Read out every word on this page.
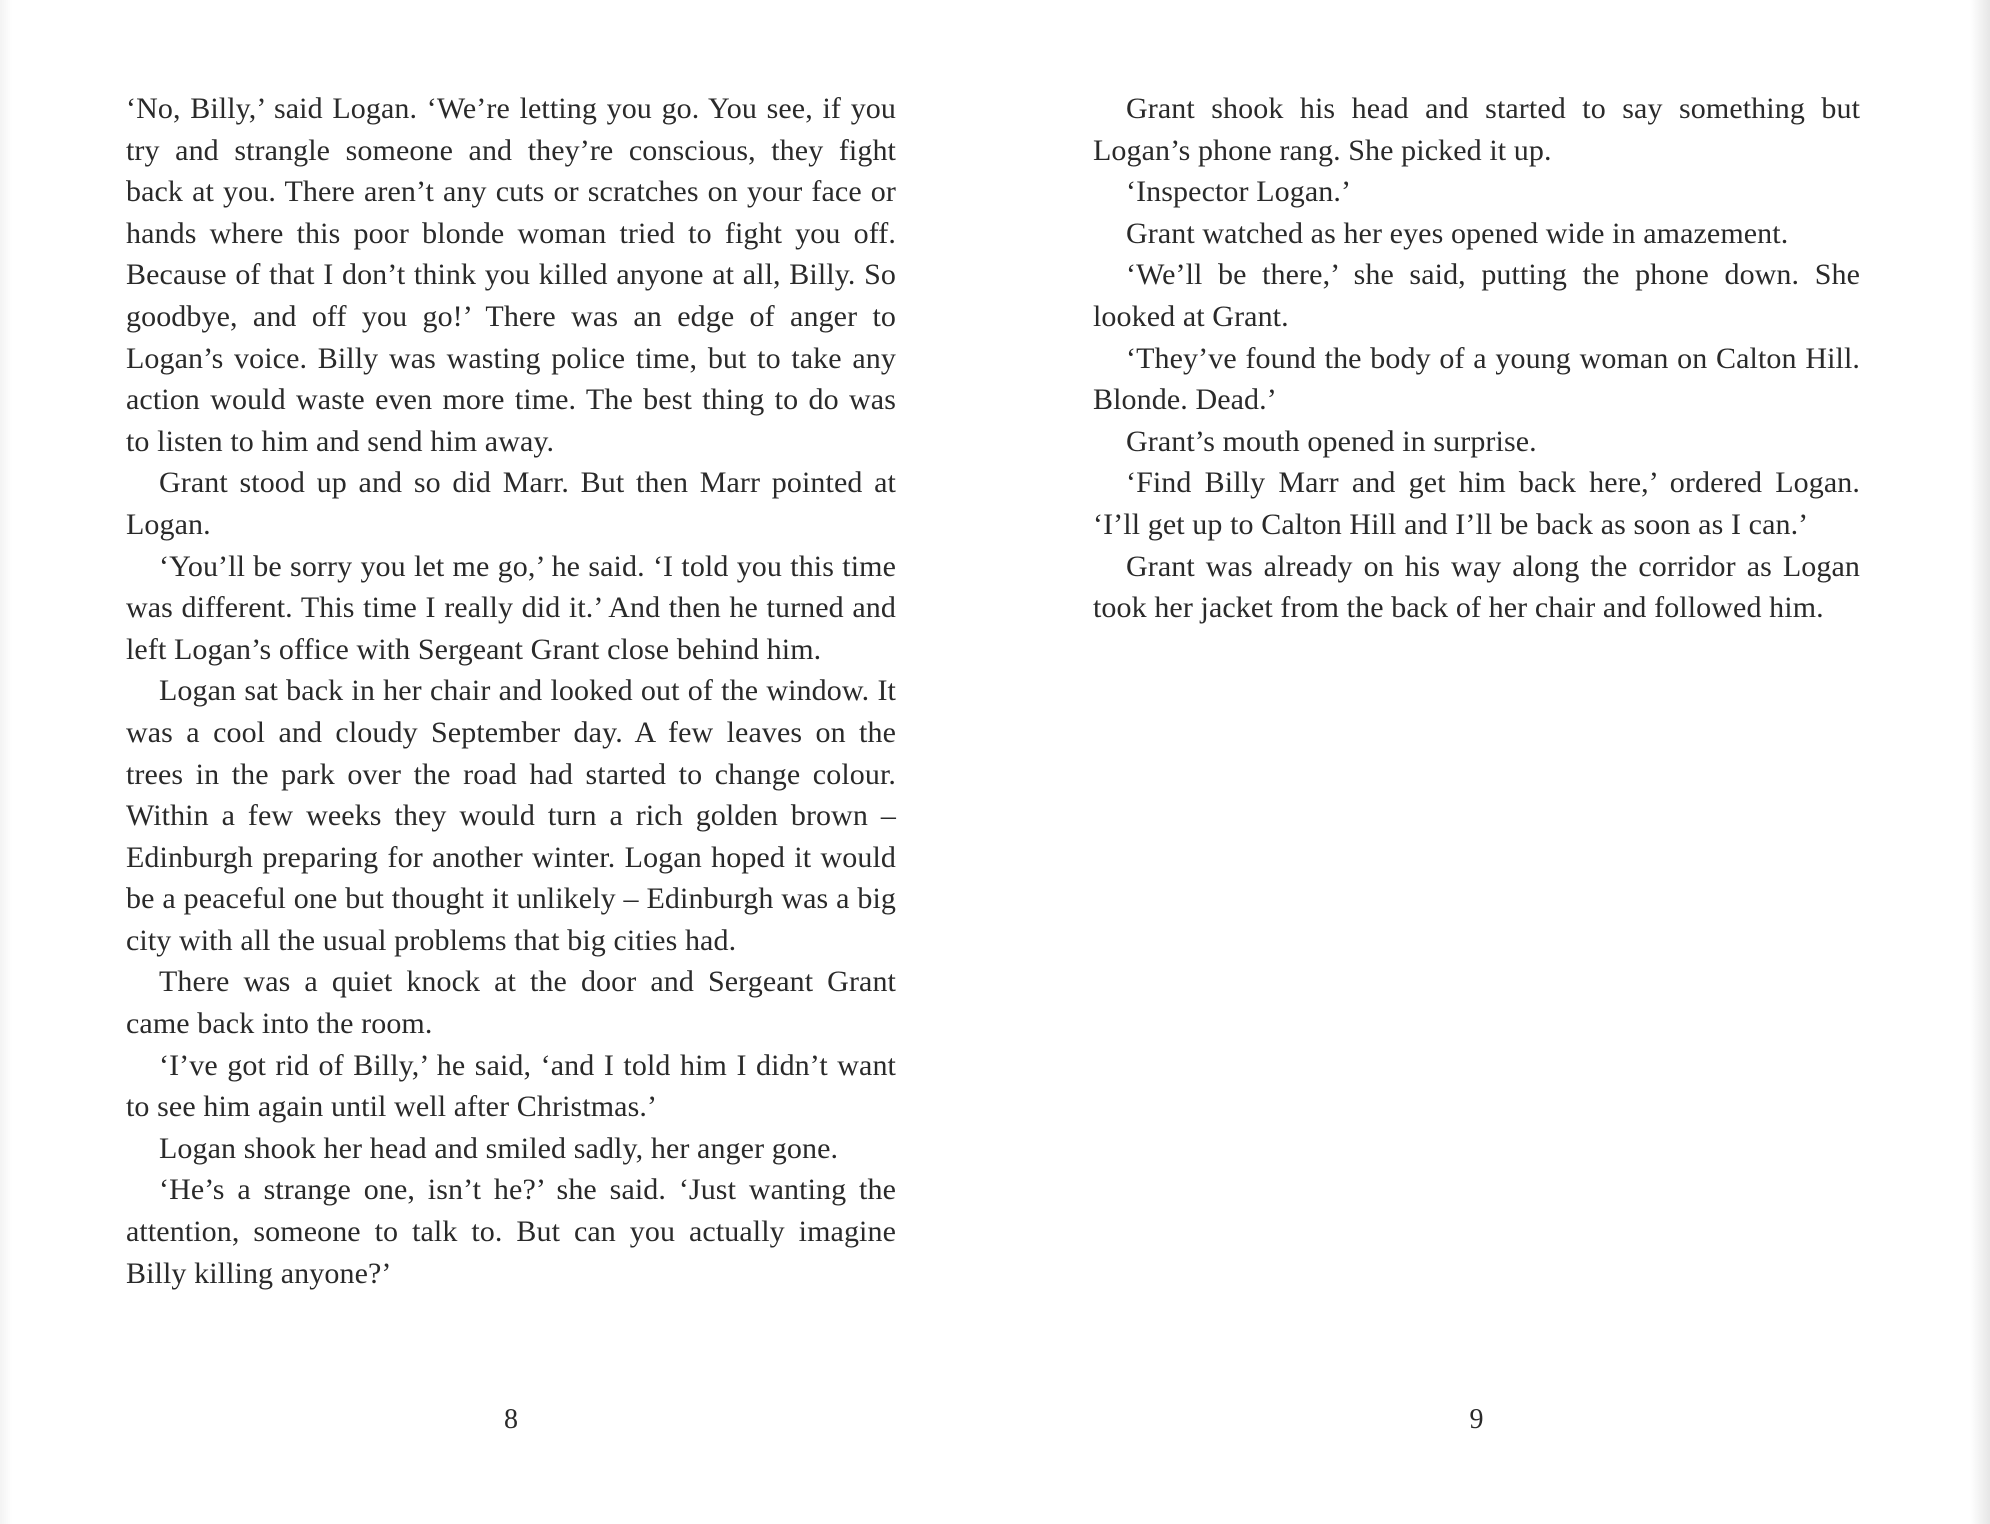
‘No, Billy,’ said Logan. ‘We’re letting you go. You see, if you try and strangle someone and they’re conscious, they fight back at you. There aren’t any cuts or scratches on your face or hands where this poor blonde woman tried to fight you off. Because of that I don’t think you killed anyone at all, Billy. So goodbye, and off you go!’ There was an edge of anger to Logan’s voice. Billy was wasting police time, but to take any action would waste even more time. The best thing to do was to listen to him and send him away.

Grant stood up and so did Marr. But then Marr pointed at Logan.

‘You’ll be sorry you let me go,’ he said. ‘I told you this time was different. This time I really did it.’ And then he turned and left Logan’s office with Sergeant Grant close behind him.

Logan sat back in her chair and looked out of the window. It was a cool and cloudy September day. A few leaves on the trees in the park over the road had started to change colour. Within a few weeks they would turn a rich golden brown – Edinburgh preparing for another winter. Logan hoped it would be a peaceful one but thought it unlikely – Edinburgh was a big city with all the usual problems that big cities had.

There was a quiet knock at the door and Sergeant Grant came back into the room.

‘I’ve got rid of Billy,’ he said, ‘and I told him I didn’t want to see him again until well after Christmas.’

Logan shook her head and smiled sadly, her anger gone.

‘He’s a strange one, isn’t he?’ she said. ‘Just wanting the attention, someone to talk to. But can you actually imagine Billy killing anyone?’

8

Grant shook his head and started to say something but Logan’s phone rang. She picked it up.

‘Inspector Logan.’

Grant watched as her eyes opened wide in amazement.

‘We’ll be there,’ she said, putting the phone down. She looked at Grant.

‘They’ve found the body of a young woman on Calton Hill. Blonde. Dead.’

Grant’s mouth opened in surprise.

‘Find Billy Marr and get him back here,’ ordered Logan. ‘I’ll get up to Calton Hill and I’ll be back as soon as I can.’

Grant was already on his way along the corridor as Logan took her jacket from the back of her chair and followed him.

9
